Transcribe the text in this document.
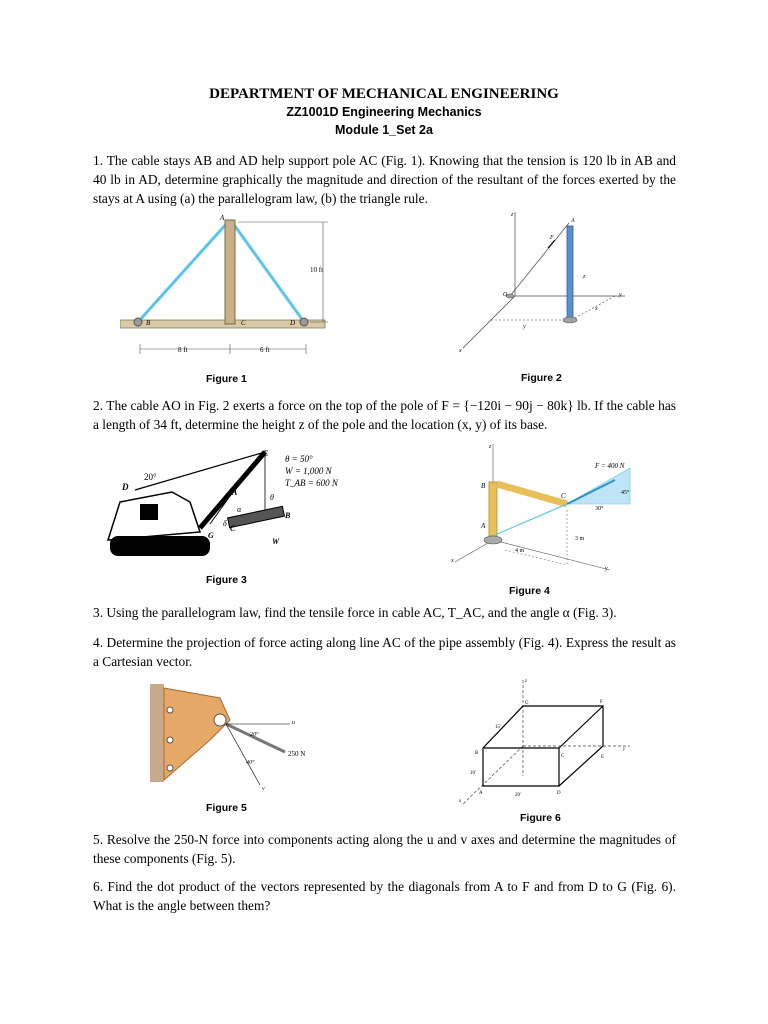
DEPARTMENT OF MECHANICAL ENGINEERING
ZZ1001D Engineering Mechanics
Module 1_Set 2a
1. The cable stays AB and AD help support pole AC (Fig. 1). Knowing that the tension is 120 lb in AB and 40 lb in AD, determine graphically the magnitude and direction of the resultant of the forces exerted by the stays at A using (a) the parallelogram law, (b) the triangle rule.
A
B	C	D
10 ft
8 ft	6 ft
Figure 1
A
F
O
x
y
z
y
x
z
Figure 2
2. The cable AO in Fig. 2 exerts a force on the top of the pole of F = {−120i − 90j − 80k} lb. If the cable has a length of 34 ft, determine the height z of the pole and the location (x, y) of its base.
20°
D
E
A
B
C
G
W
θ
α
δ
θ = 50°
W = 1,000 N
T_AB = 600 N
Figure 3
z
F = 400 N
B
A
C	45°
30°
3 m
4 m
x
y
Figure 4
3. Using the parallelogram law, find the tensile force in cable AC, T_AC, and the angle α (Fig. 3).
4. Determine the projection of force acting along line AC of the pipe assembly (Fig. 4). Express the result as a Cartesian vector.
u
v
250 N
20°
40°
Figure 5
z
G	F
B
C	E
A	D
y
x
15'
10'
20'
Figure 6
5. Resolve the 250-N force into components acting along the u and v axes and determine the magnitudes of these components (Fig. 5).
6. Find the dot product of the vectors represented by the diagonals from A to F and from D to G (Fig. 6). What is the angle between them?
